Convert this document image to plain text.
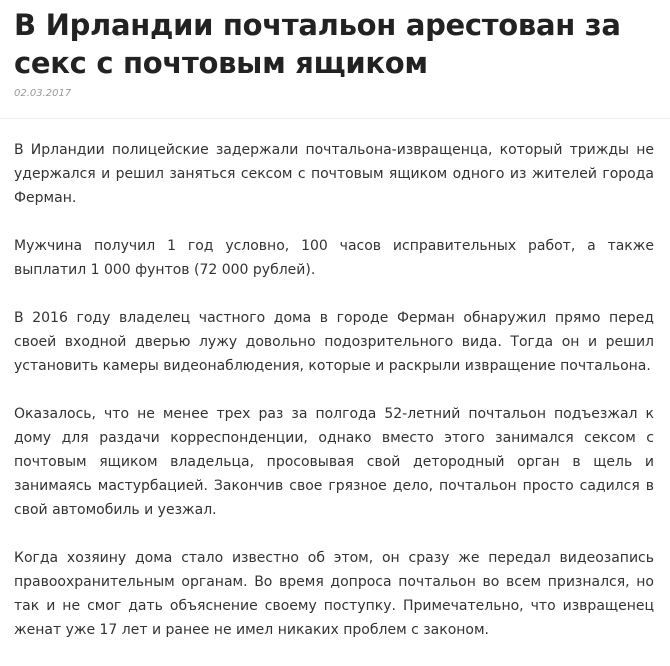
В Ирландии почтальон арестован за секс с почтовым ящиком
02.03.2017

В Ирландии полицейские задержали почтальона-извращенца, который трижды не удержался и решил заняться сексом с почтовым ящиком одного из жителей города Ферман.

Мужчина получил 1 год условно, 100 часов исправительных работ, а также выплатил 1 000 фунтов (72 000 рублей).

В 2016 году владелец частного дома в городе Ферман обнаружил прямо перед своей входной дверью лужу довольно подозрительного вида. Тогда он и решил установить камеры видеонаблюдения, которые и раскрыли извращение почтальона.

Оказалось, что не менее трех раз за полгода 52-летний почтальон подъезжал к дому для раздачи корреспонденции, однако вместо этого занимался сексом с почтовым ящиком владельца, просовывая свой детородный орган в щель и занимаясь мастурбацией. Закончив свое грязное дело, почтальон просто садился в свой автомобиль и уезжал.

Когда хозяину дома стало известно об этом, он сразу же передал видеозапись правоохранительным органам. Во время допроса почтальон во всем признался, но так и не смог дать объяснение своему поступку. Примечательно, что извращенец женат уже 17 лет и ранее не имел никаких проблем с законом.
